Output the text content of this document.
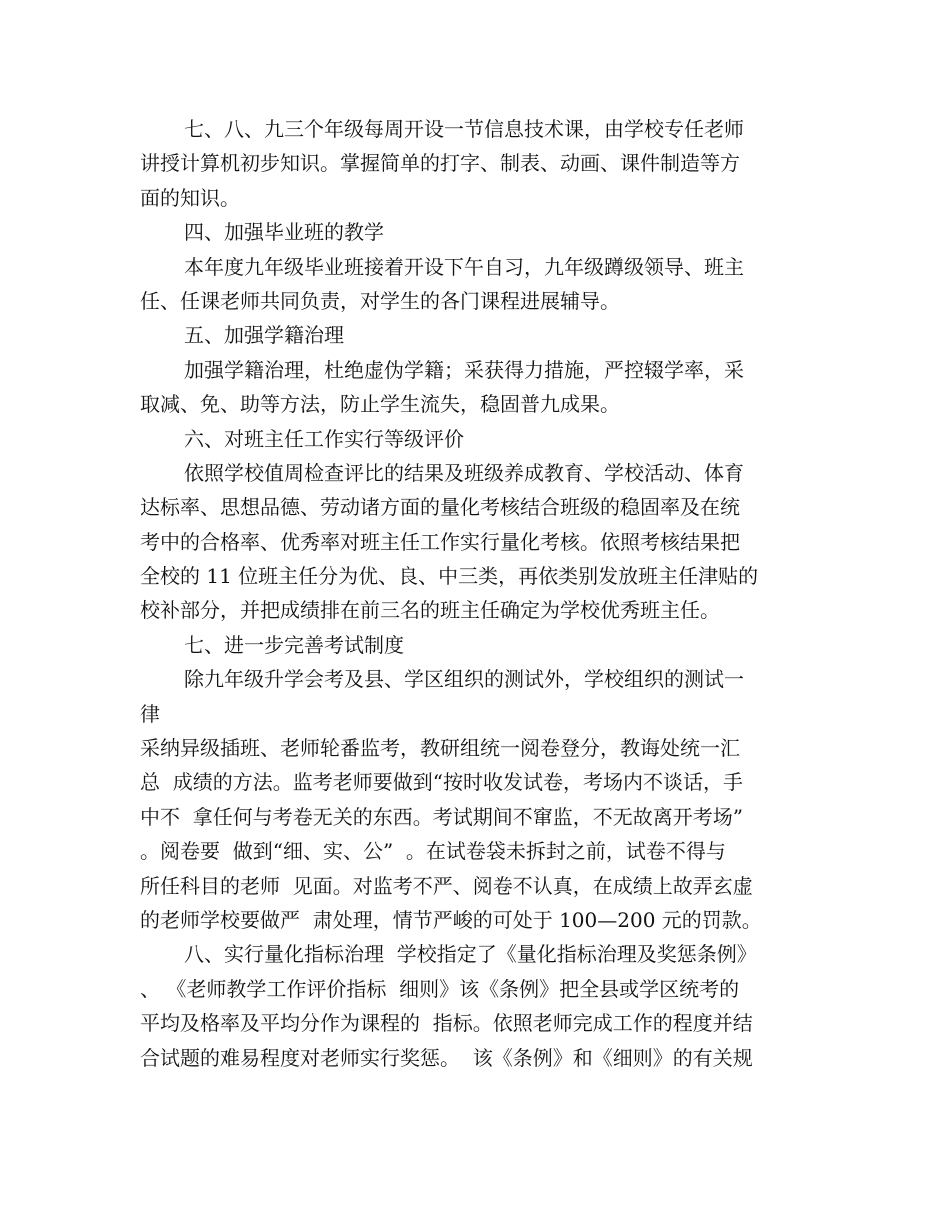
七、八、九三个年级每周开设一节信息技术课，由学校专任老师
讲授计算机初步知识。掌握简单的打字、制表、动画、课件制造等方
面的知识。
四、加强毕业班的教学
本年度九年级毕业班接着开设下午自习，九年级蹲级领导、班主
任、任课老师共同负责，对学生的各门课程进展辅导。
五、加强学籍治理
加强学籍治理，杜绝虚伪学籍；采获得力措施，严控辍学率，采
取减、免、助等方法，防止学生流失，稳固普九成果。
六、对班主任工作实行等级评价
依照学校值周检查评比的结果及班级养成教育、学校活动、体育
达标率、思想品德、劳动诸方面的量化考核结合班级的稳固率及在统
考中的合格率、优秀率对班主任工作实行量化考核。依照考核结果把
全校的 11 位班主任分为优、良、中三类，再依类别发放班主任津贴的
校补部分，并把成绩排在前三名的班主任确定为学校优秀班主任。
七、进一步完善考试制度
除九年级升学会考及县、学区组织的测试外，学校组织的测试一
律
采纳异级插班、老师轮番监考，教研组统一阅卷登分，教诲处统一汇
总  成绩的方法。监考老师要做到“按时收发试卷，考场内不谈话，手
中不  拿任何与考卷无关的东西。考试期间不窜监，不无故离开考场”
。阅卷要  做到“细、实、公”  。在试卷袋未拆封之前，试卷不得与
所任科目的老师  见面。对监考不严、阅卷不认真，在成绩上故弄玄虚
的老师学校要做严  肃处理，情节严峻的可处于 100—200 元的罚款。
八、实行量化指标治理  学校指定了《量化指标治理及奖惩条例》
、 《老师教学工作评价指标  细则》该《条例》把全县或学区统考的
平均及格率及平均分作为课程的  指标。依照老师完成工作的程度并结
合试题的难易程度对老师实行奖惩。  该《条例》和《细则》的有关规
